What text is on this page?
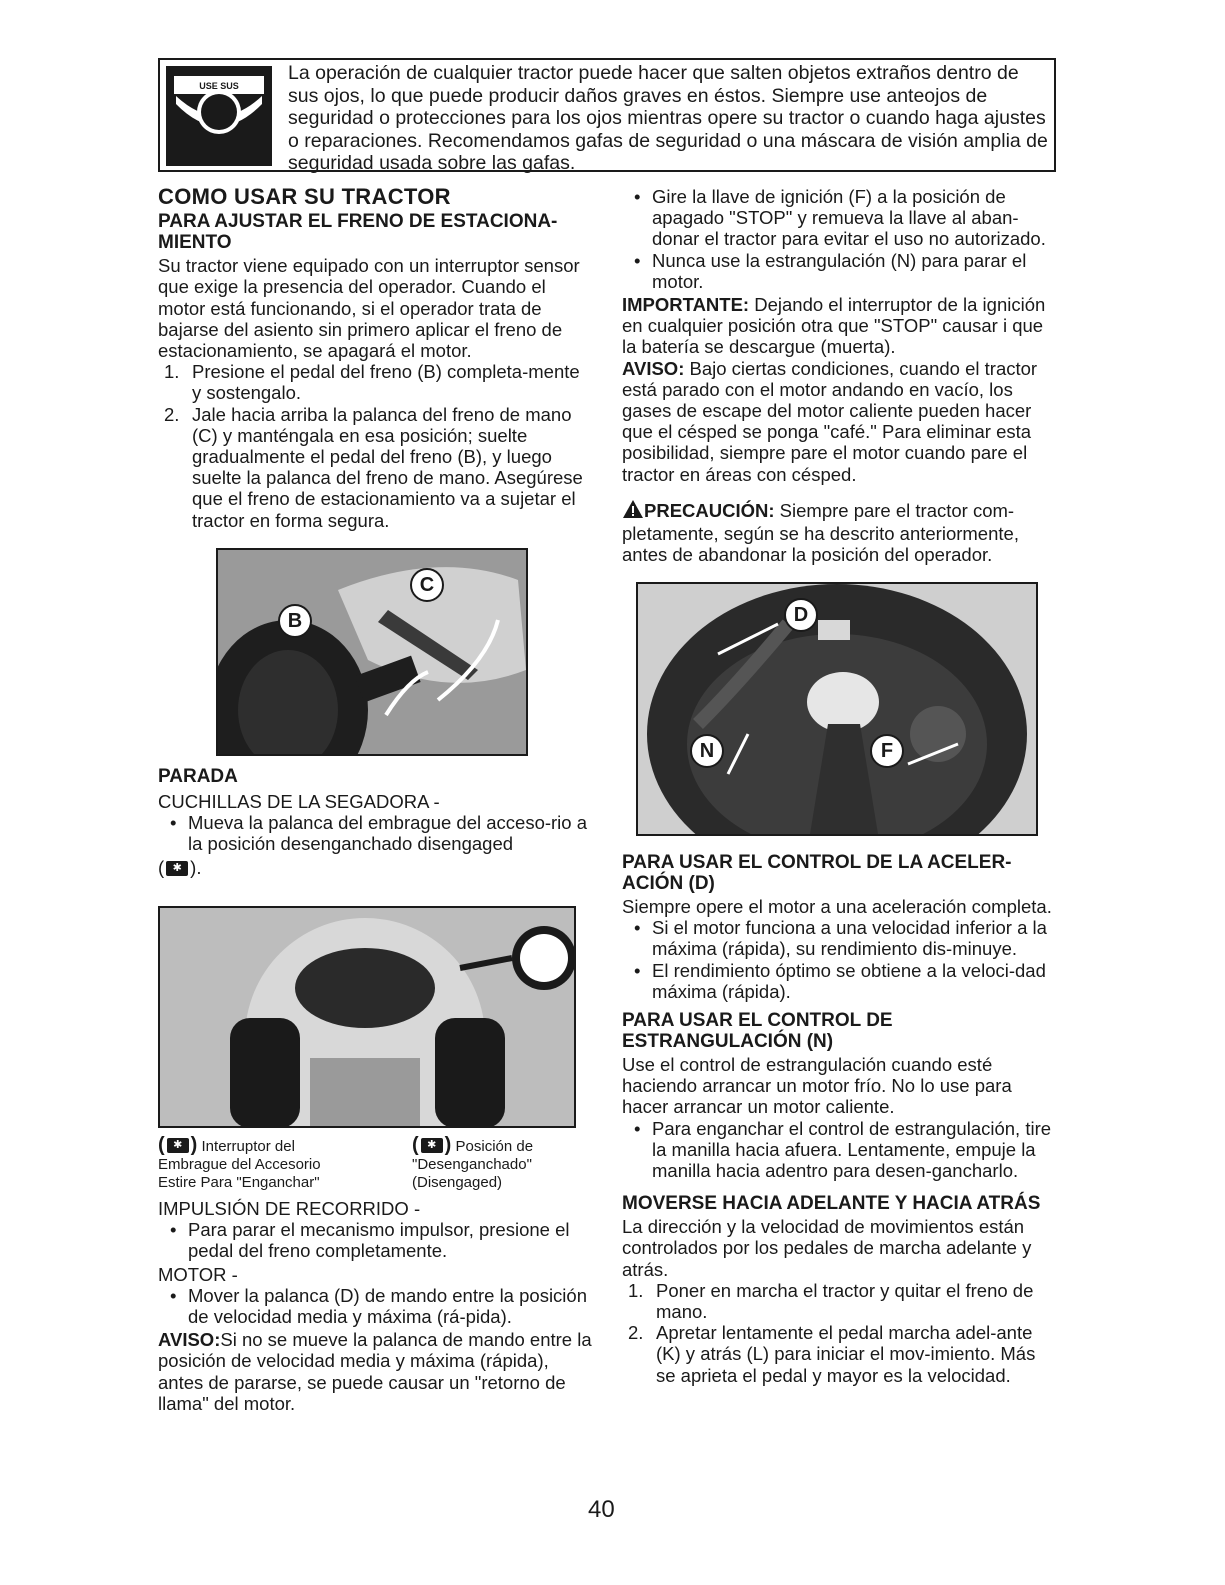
USE SUS
La operación de cualquier tractor puede hacer que salten objetos extraños dentro de sus ojos, lo que puede producir daños graves en éstos. Siempre use anteojos de seguridad o protecciones para los ojos mientras opere su tractor o cuando haga ajustes o reparaciones. Recomendamos gafas de seguridad o una máscara de visión amplia de seguridad usada sobre las gafas.
COMO USAR SU TRACTOR
PARA AJUSTAR EL FRENO DE ESTACIONA-MIENTO

Su tractor viene equipado con un interruptor sensor que exige la presencia del operador. Cuando el motor está funcionando, si el operador trata de bajarse del asiento sin primero aplicar el freno de estacionamiento, se apagará el motor.

1. Presione el pedal del freno (B) completa-mente y sostengalo.
2. Jale hacia arriba la palanca del freno de mano (C) y manténgala en esa posición; suelte gradualmente el pedal del freno (B), y luego suelte la palanca del freno de mano. Asegúrese que el freno de estacionamiento va a sujetar el tractor en forma segura.
B
C
PARADA

CUCHILLAS DE LA SEGADORA -

• Mueva la palanca del embrague del acceso-rio a la posición desenganchado disengaged

( ✱ ).

( ✱ ) Interruptor del
Embrague del Accesorio
Estire Para "Enganchar"
( ✱ ) Posición de
"Desenganchado"
(Disengaged)

IMPULSIÓN DE RECORRIDO -

• Para parar el mecanismo impulsor, presione el pedal del freno completamente.

MOTOR -

• Mover la palanca (D) de mando entre la posición de velocidad media y máxima (rá-pida).

AVISO:Si no se mueve la palanca de mando entre la posición de velocidad media y máxima (rápida), antes de pararse, se puede causar un "retorno de llama" del motor.

• Gire la llave de ignición (F) a la posición de apagado "STOP" y remueva la llave al aban-donar el tractor para evitar el uso no autorizado.
• Nunca use la estrangulación (N) para parar el motor.

IMPORTANTE: Dejando el interruptor de la ignición en cualquier posición otra que "STOP" causar i que la batería se descargue (muerta).

AVISO: Bajo ciertas condiciones, cuando el tractor está parado con el motor andando en vacío, los gases de escape del motor caliente pueden hacer que el césped se ponga "café." Para eliminar esta posibilidad, siempre pare el motor cuando pare el tractor en áreas con césped.

PRECAUCIÓN: Siempre pare el tractor com-pletamente, según se ha descrito anteriormente, antes de abandonar la posición del operador.

D
N	F
PARA USAR EL CONTROL DE LA ACELER-ACIÓN (D)

Siempre opere el motor a una aceleración completa.

• Si el motor funciona a una velocidad inferior a la máxima (rápida), su rendimiento dis-minuye.
• El rendimiento óptimo se obtiene a la veloci-dad máxima (rápida).
PARA USAR EL CONTROL DE ESTRANGULACIÓN (N)

Use el control de estrangulación cuando esté haciendo arrancar un motor frío. No lo use para hacer arrancar un motor caliente.

• Para enganchar el control de estrangulación, tire la manilla hacia afuera. Lentamente, empuje la manilla hacia adentro para desen-gancharlo.
MOVERSE HACIA ADELANTE Y HACIA ATRÁS

La dirección y la velocidad de movimientos están controlados por los pedales de marcha adelante y atrás.

1. Poner en marcha el tractor y quitar el freno de mano.
2. Apretar lentamente el pedal marcha adel-ante (K) y atrás (L) para iniciar el mov-imiento. Más se aprieta el pedal y mayor es la velocidad.
40
